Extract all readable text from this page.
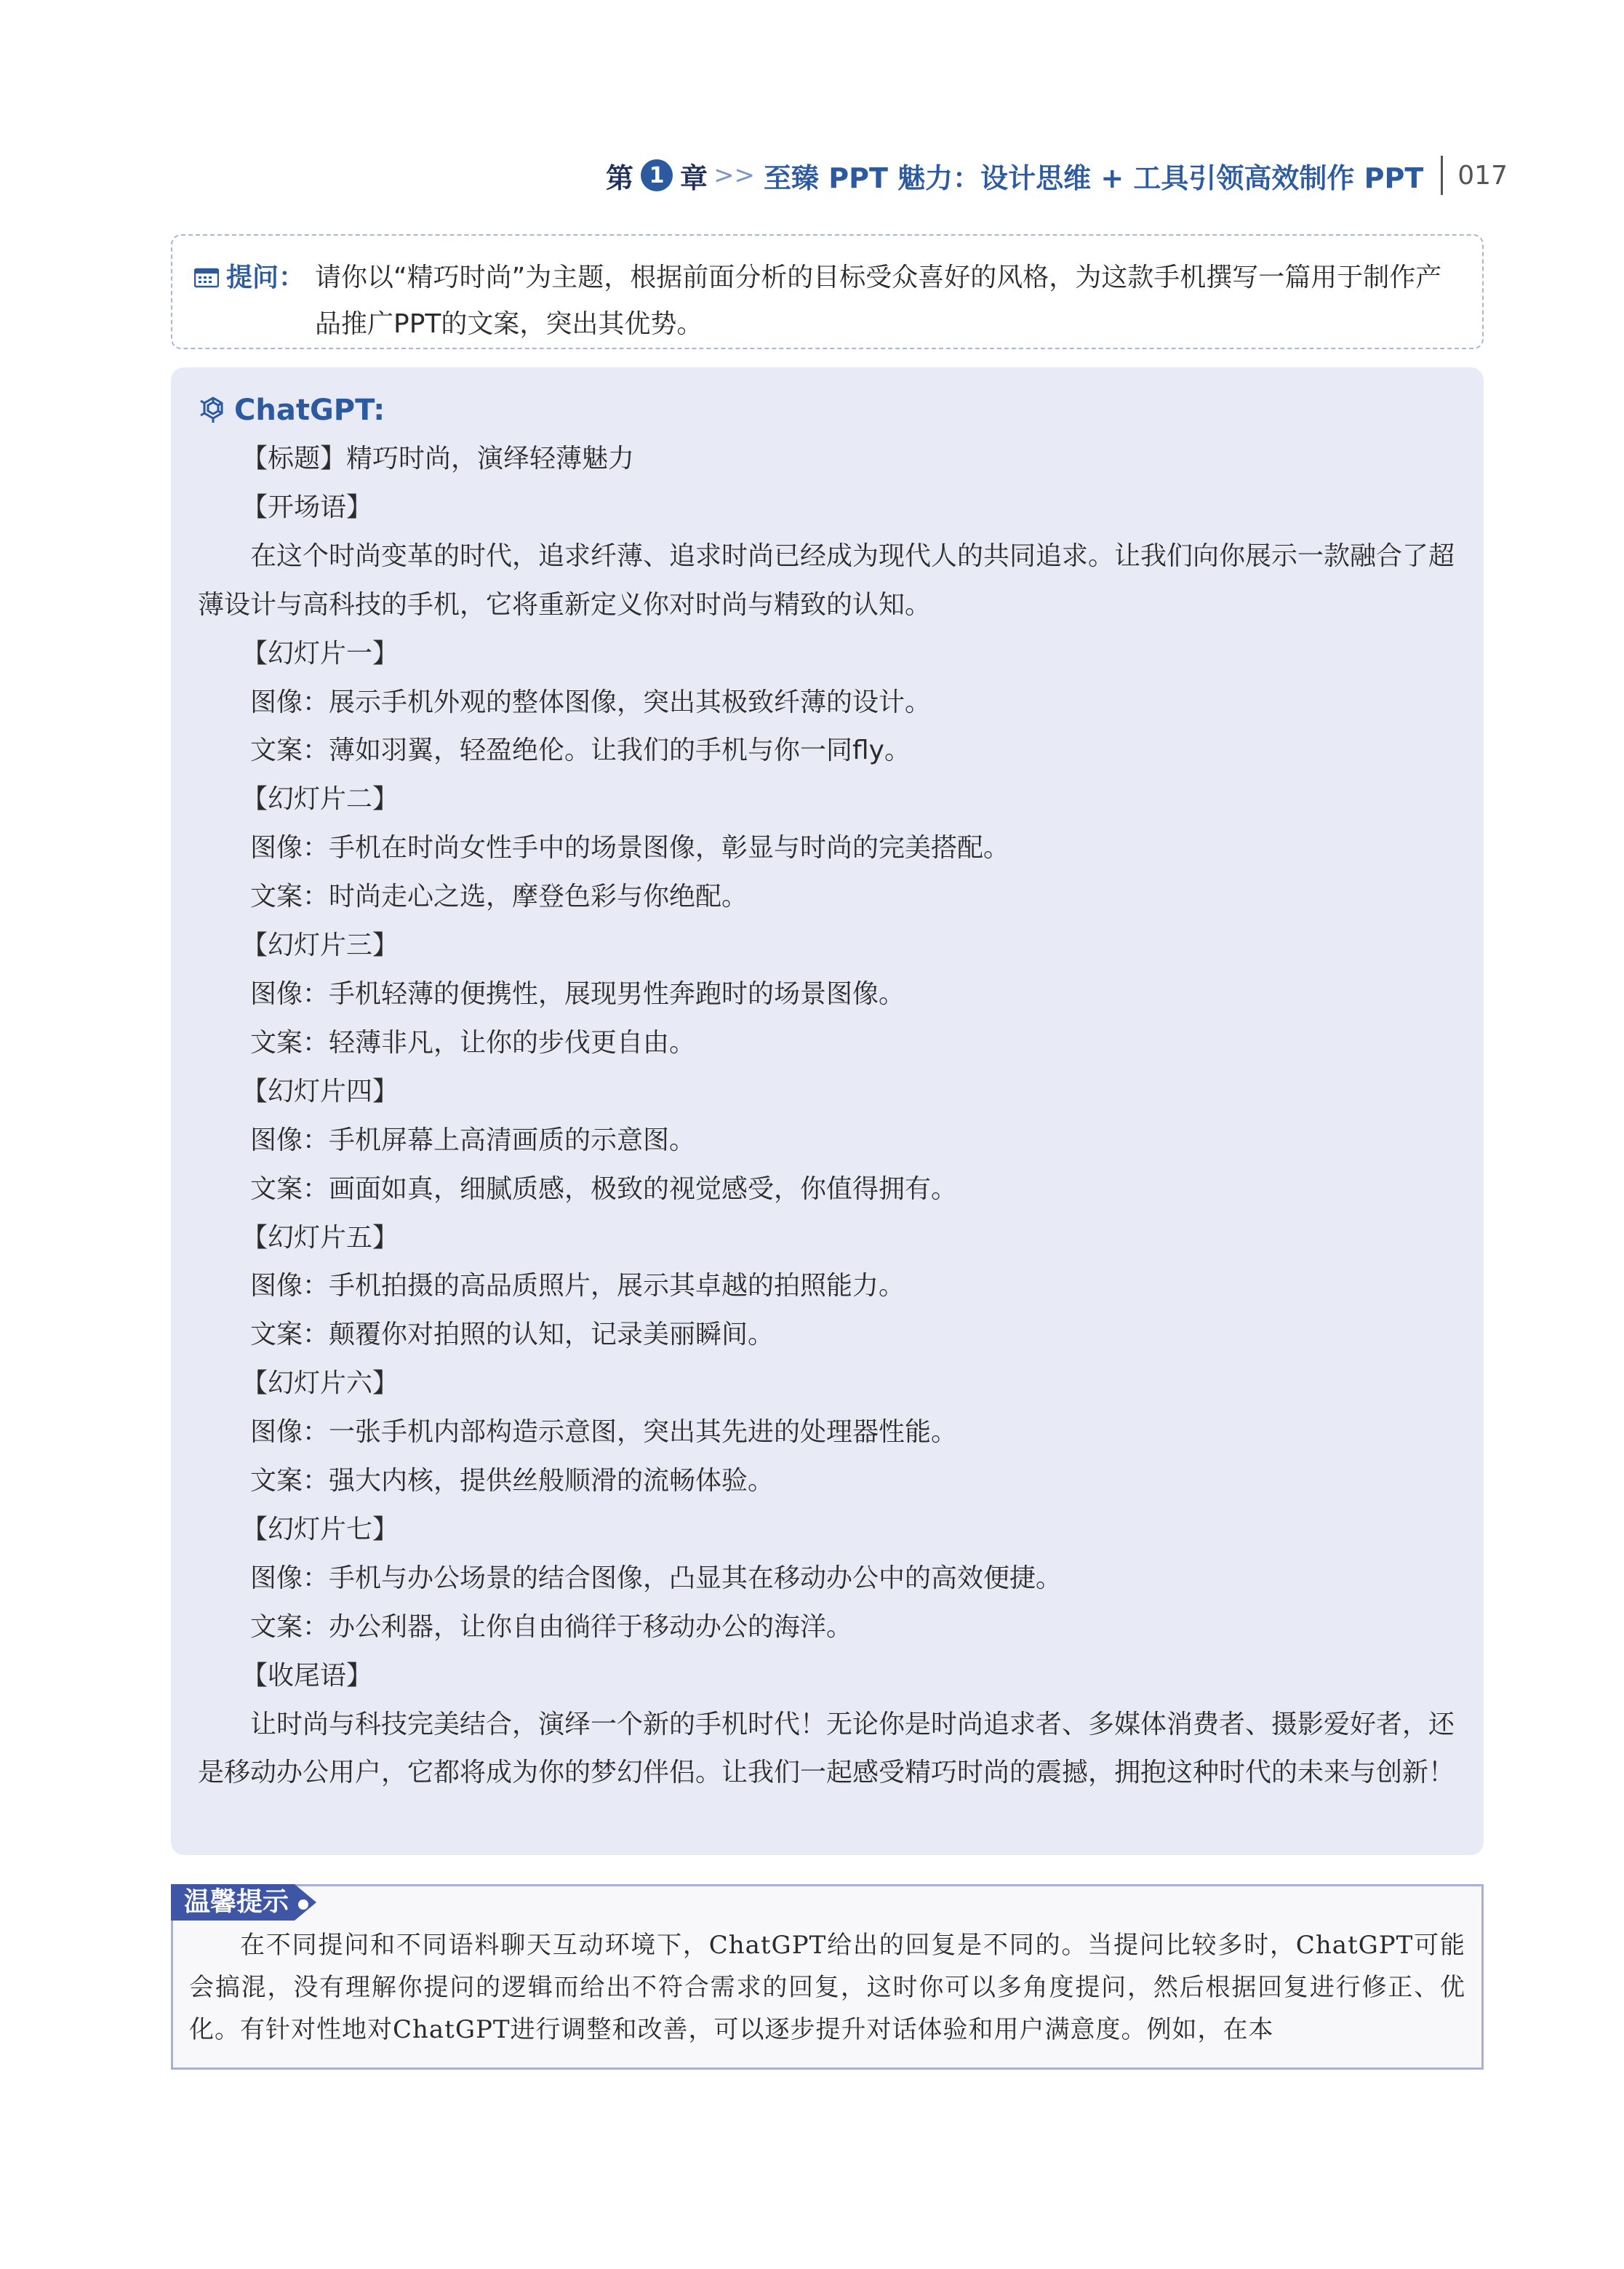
第 1 章 >> 至臻 PPT 魅力：设计思维 + 工具引领高效制作 PPT 017
提问： 请你以“精巧时尚”为主题，根据前面分析的目标受众喜好的风格，为这款手机撰写一篇用于制作产品推广PPT的文案，突出其优势。
ChatGPT:

【标题】精巧时尚，演绎轻薄魅力

【开场语】

在这个时尚变革的时代，追求纤薄、追求时尚已经成为现代人的共同追求。让我们向你展示一款融合了超薄设计与高科技的手机，它将重新定义你对时尚与精致的认知。

【幻灯片一】

图像：展示手机外观的整体图像，突出其极致纤薄的设计。

文案：薄如羽翼，轻盈绝伦。让我们的手机与你一同fly。

【幻灯片二】

图像：手机在时尚女性手中的场景图像，彰显与时尚的完美搭配。

文案：时尚走心之选，摩登色彩与你绝配。

【幻灯片三】

图像：手机轻薄的便携性，展现男性奔跑时的场景图像。

文案：轻薄非凡，让你的步伐更自由。

【幻灯片四】

图像：手机屏幕上高清画质的示意图。

文案：画面如真，细腻质感，极致的视觉感受，你值得拥有。

【幻灯片五】

图像：手机拍摄的高品质照片，展示其卓越的拍照能力。

文案：颠覆你对拍照的认知，记录美丽瞬间。

【幻灯片六】

图像：一张手机内部构造示意图，突出其先进的处理器性能。

文案：强大内核，提供丝般顺滑的流畅体验。

【幻灯片七】

图像：手机与办公场景的结合图像，凸显其在移动办公中的高效便捷。

文案：办公利器，让你自由徜徉于移动办公的海洋。

【收尾语】

让时尚与科技完美结合，演绎一个新的手机时代！无论你是时尚追求者、多媒体消费者、摄影爱好者，还是移动办公用户，它都将成为你的梦幻伴侣。让我们一起感受精巧时尚的震撼，拥抱这种时代的未来与创新！

温馨提示
在不同提问和不同语料聊天互动环境下，ChatGPT给出的回复是不同的。当提问比较多时，ChatGPT可能会搞混，没有理解你提问的逻辑而给出不符合需求的回复，这时你可以多角度提问，然后根据回复进行修正、优化。有针对性地对ChatGPT进行调整和改善，可以逐步提升对话体验和用户满意度。例如，在本
